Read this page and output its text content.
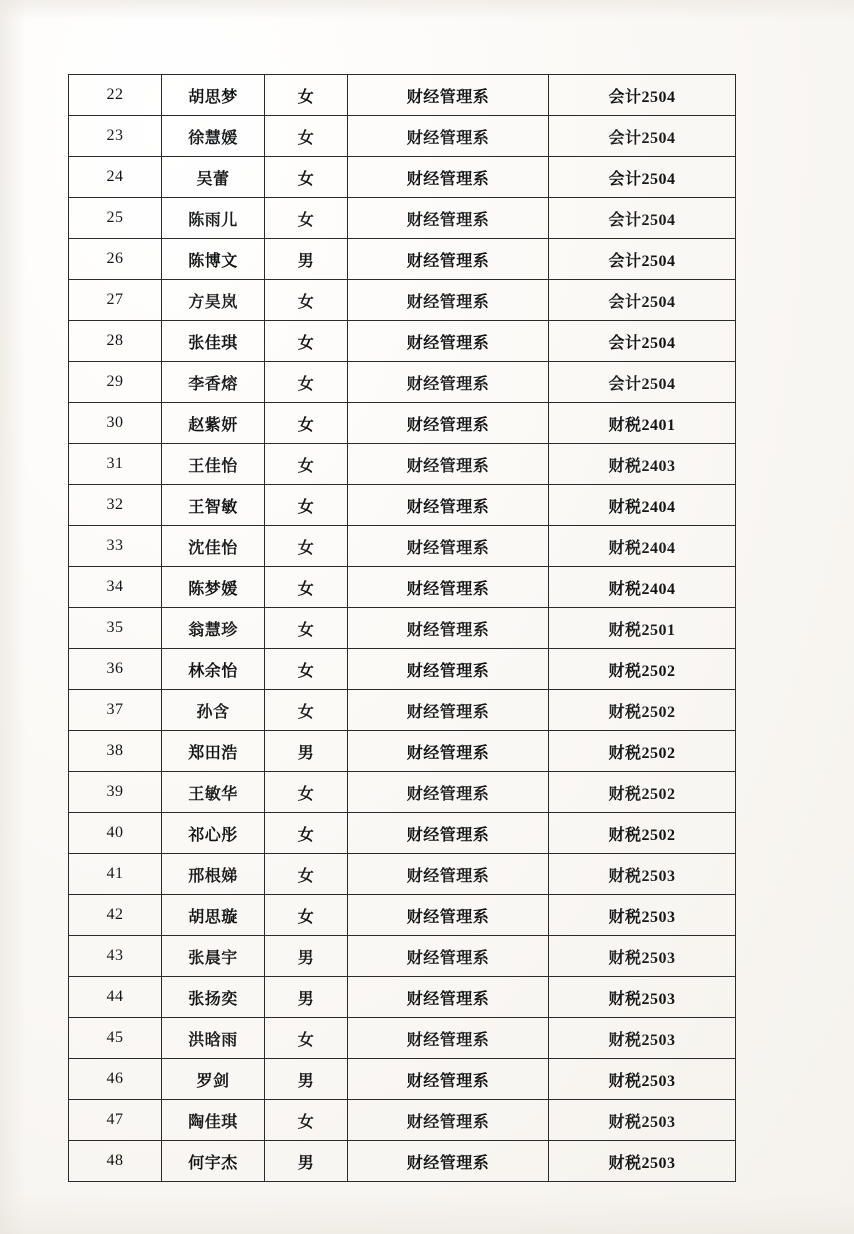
22	胡思梦	女	财经管理系	会计2504
23	徐慧媛	女	财经管理系	会计2504
24	吴蕾	女	财经管理系	会计2504
25	陈雨儿	女	财经管理系	会计2504
26	陈博文	男	财经管理系	会计2504
27	方昊岚	女	财经管理系	会计2504
28	张佳琪	女	财经管理系	会计2504
29	李香熔	女	财经管理系	会计2504
30	赵紫妍	女	财经管理系	财税2401
31	王佳怡	女	财经管理系	财税2403
32	王智敏	女	财经管理系	财税2404
33	沈佳怡	女	财经管理系	财税2404
34	陈梦媛	女	财经管理系	财税2404
35	翁慧珍	女	财经管理系	财税2501
36	林余怡	女	财经管理系	财税2502
37	孙含	女	财经管理系	财税2502
38	郑田浩	男	财经管理系	财税2502
39	王敏华	女	财经管理系	财税2502
40	祁心彤	女	财经管理系	财税2502
41	邢根娣	女	财经管理系	财税2503
42	胡思璇	女	财经管理系	财税2503
43	张晨宇	男	财经管理系	财税2503
44	张扬奕	男	财经管理系	财税2503
45	洪晗雨	女	财经管理系	财税2503
46	罗剑	男	财经管理系	财税2503
47	陶佳琪	女	财经管理系	财税2503
48	何宇杰	男	财经管理系	财税2503
